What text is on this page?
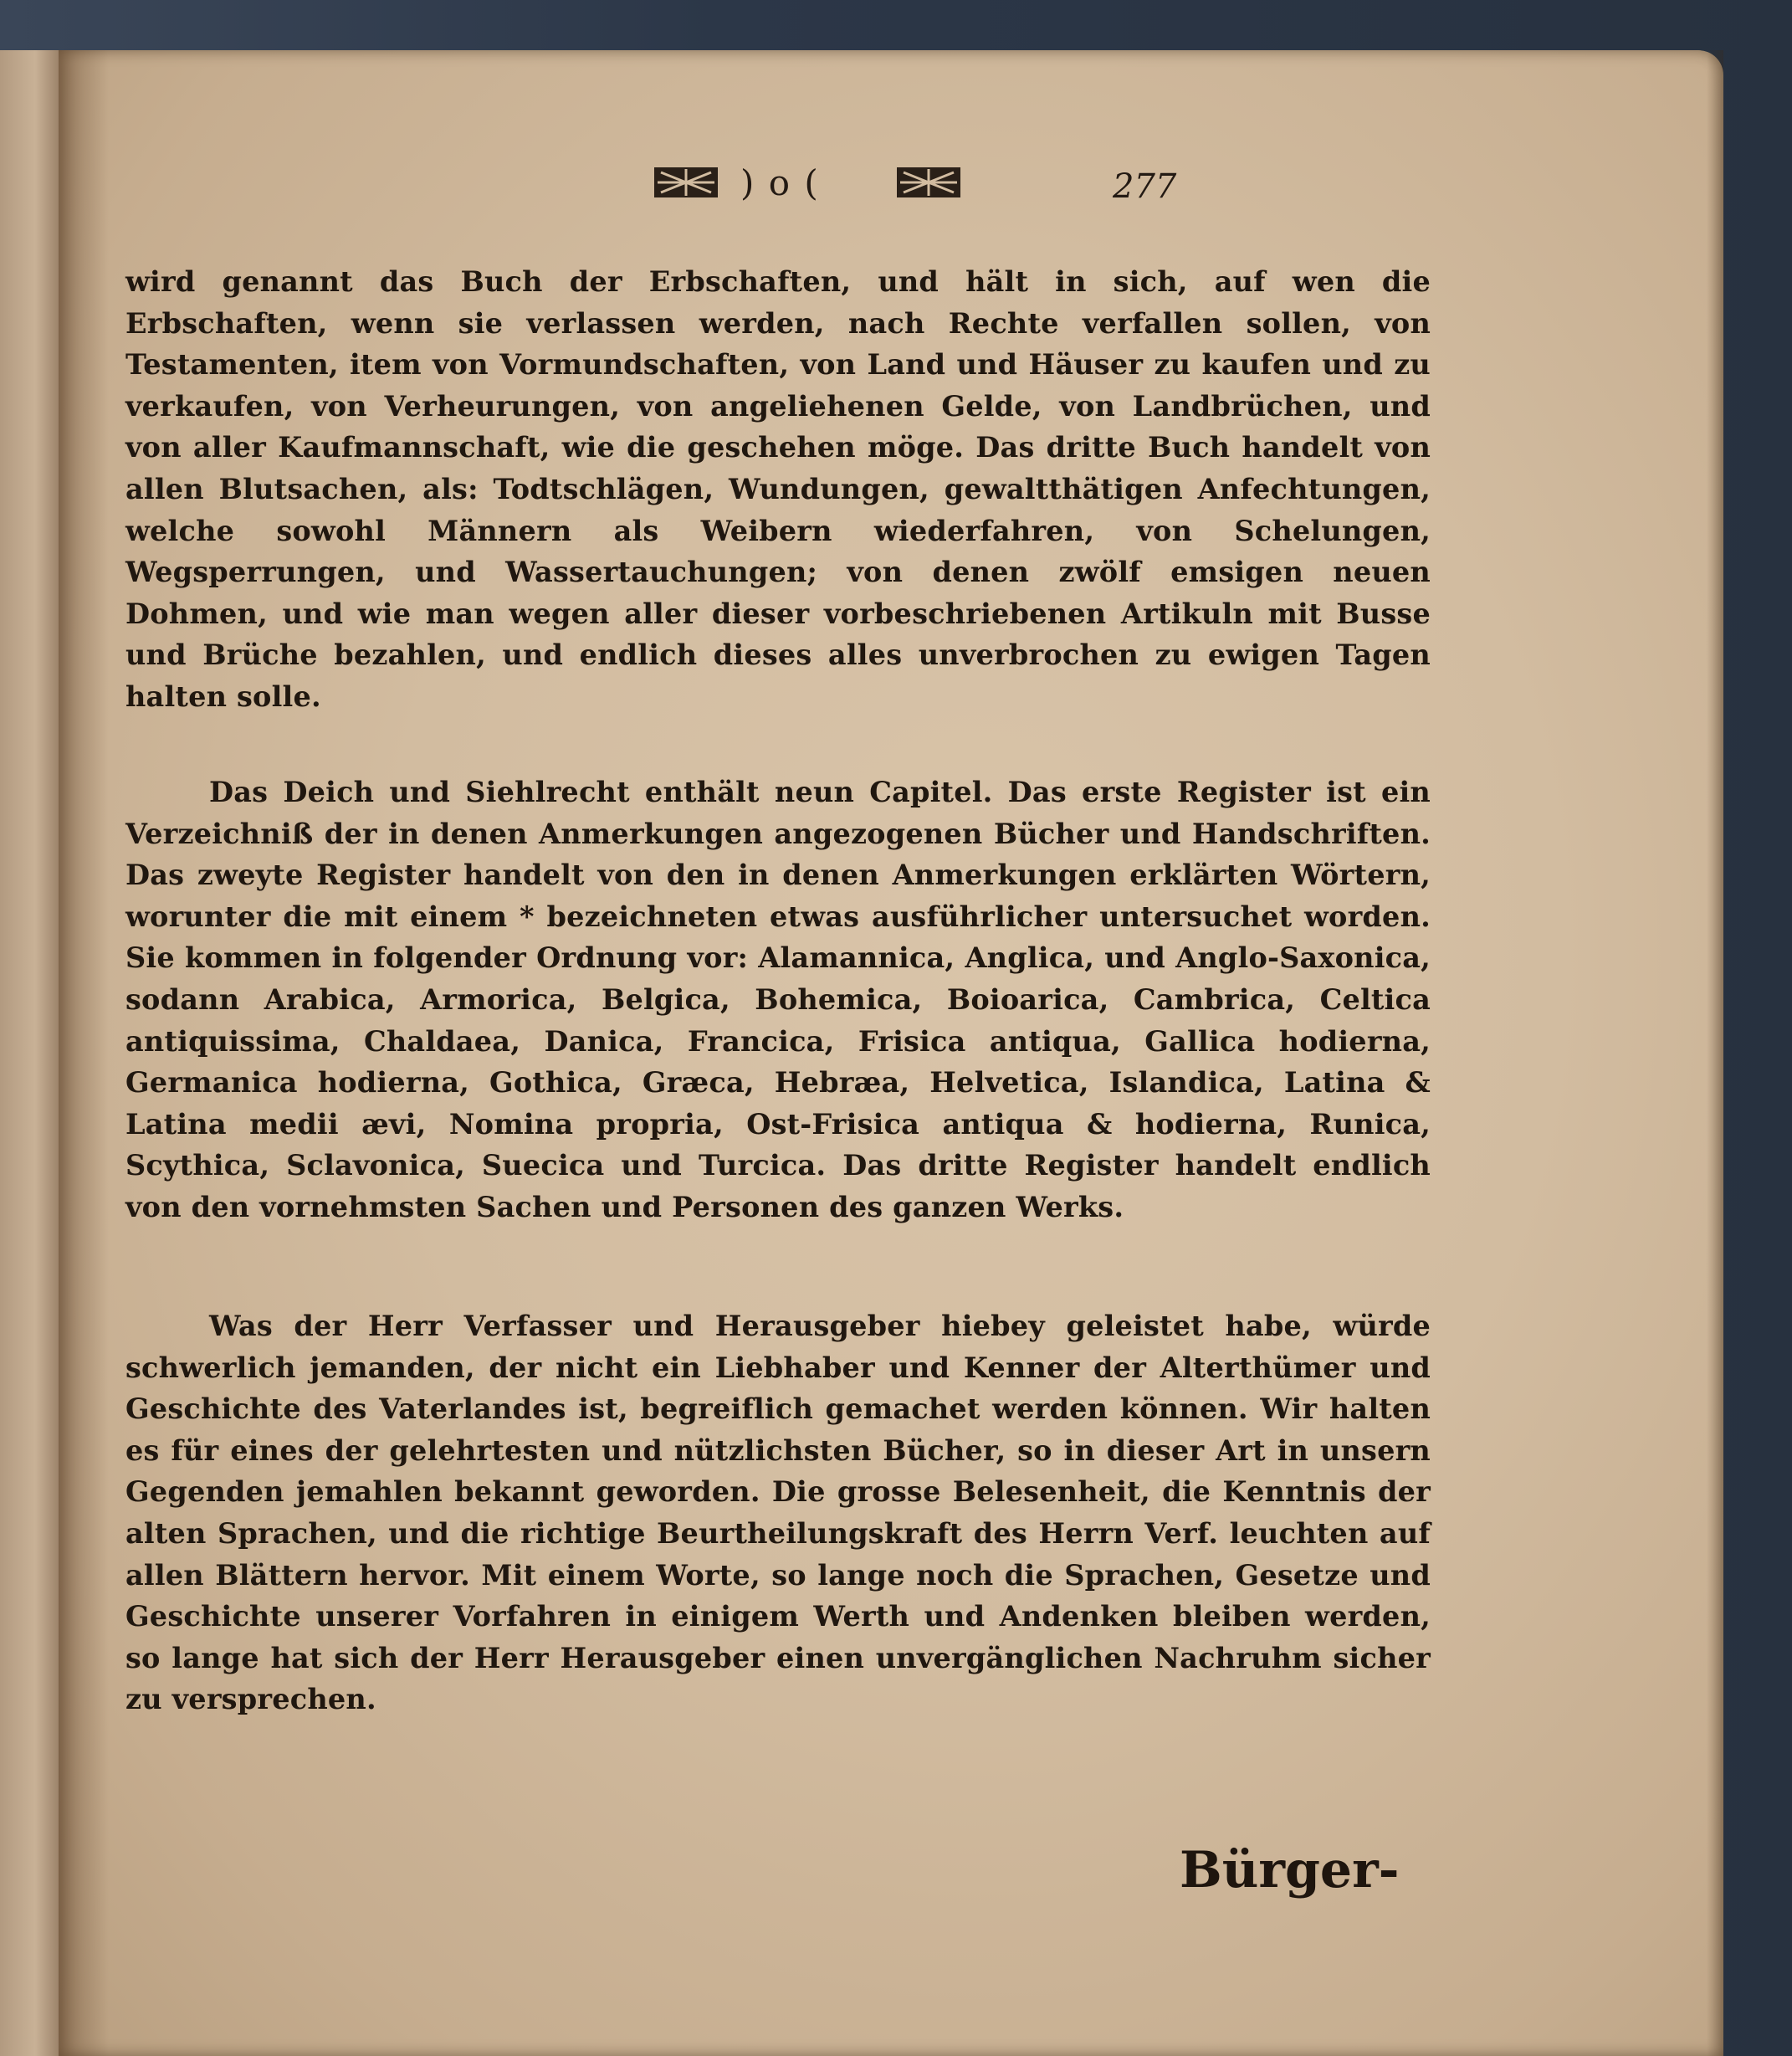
) o (	277
wird genannt das Buch der Erbschaften, und hält in sich, auf wen die Erbschaften, wenn sie verlassen werden, nach Rechte verfallen sollen, von Testamenten, item von Vormundschaften, von Land und Häuser zu kaufen und zu verkaufen, von Verheurungen, von angeliehenen Gelde, von Landbrüchen, und von aller Kaufmannschaft, wie die geschehen möge. Das dritte Buch handelt von allen Blutsachen, als: Todtschlägen, Wundungen, gewaltthätigen Anfechtungen, welche sowohl Männern als Weibern wiederfahren, von Schelungen, Wegsperrungen, und Wassertauchungen; von denen zwölf emsigen neuen Dohmen, und wie man wegen aller dieser vorbeschriebenen Artikuln mit Busse und Brüche bezahlen, und endlich dieses alles unverbrochen zu ewigen Tagen halten solle.
Das Deich und Siehlrecht enthält neun Capitel. Das erste Register ist ein Verzeichniß der in denen Anmerkungen angezogenen Bücher und Handschriften. Das zweyte Register handelt von den in denen Anmerkungen erklärten Wörtern, worunter die mit einem * bezeichneten etwas ausführlicher untersuchet worden. Sie kommen in folgender Ordnung vor: Alamannica, Anglica, und Anglo-Saxonica, sodann Arabica, Armorica, Belgica, Bohemica, Boioarica, Cambrica, Celtica antiquissima, Chaldaea, Danica, Francica, Frisica antiqua, Gallica hodierna, Germanica hodierna, Gothica, Græca, Hebræa, Helvetica, Islandica, Latina & Latina medii ævi, Nomina propria, Ost-Frisica antiqua & hodierna, Runica, Scythica, Sclavonica, Suecica und Turcica. Das dritte Register handelt endlich von den vornehmsten Sachen und Personen des ganzen Werks.
Was der Herr Verfasser und Herausgeber hiebey geleistet habe, würde schwerlich jemanden, der nicht ein Liebhaber und Kenner der Alterthümer und Geschichte des Vaterlandes ist, begreiflich gemachet werden können. Wir halten es für eines der gelehrtesten und nützlichsten Bücher, so in dieser Art in unsern Gegenden jemahlen bekannt geworden. Die grosse Belesenheit, die Kenntnis der alten Sprachen, und die richtige Beurtheilungskraft des Herrn Verf. leuchten auf allen Blättern hervor. Mit einem Worte, so lange noch die Sprachen, Gesetze und Geschichte unserer Vorfahren in einigem Werth und Andenken bleiben werden, so lange hat sich der Herr Herausgeber einen unvergänglichen Nachruhm sicher zu versprechen.
Bürger-
